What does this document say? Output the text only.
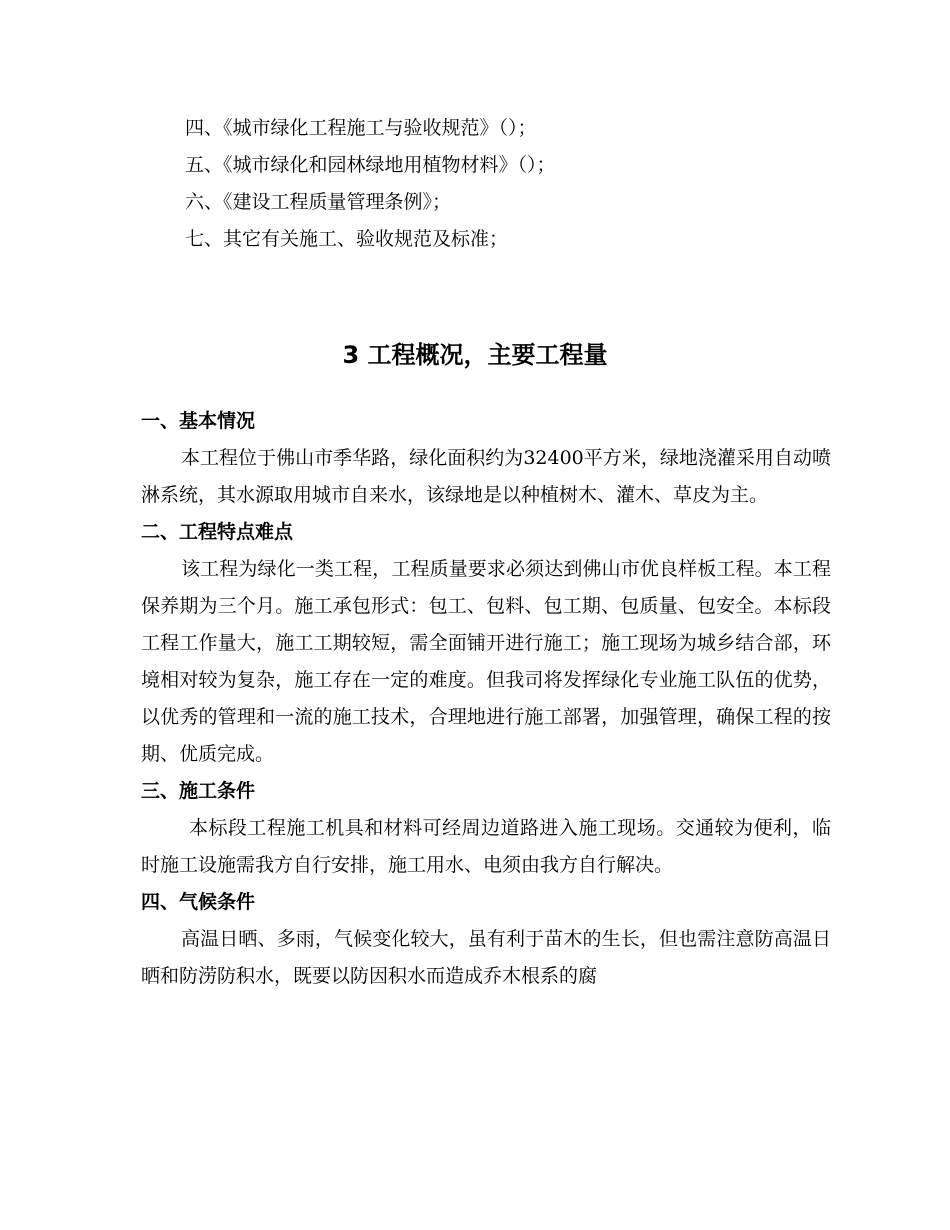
四、《城市绿化工程施工与验收规范》（）；
五、《城市绿化和园林绿地用植物材料》（）；
六、《建设工程质量管理条例》；
七、其它有关施工、验收规范及标准；
3 工程概况，主要工程量
一、基本情况

本工程位于佛山市季华路，绿化面积约为32400平方米，绿地浇灌采用自动喷淋系统，其水源取用城市自来水，该绿地是以种植树木、灌木、草皮为主。

二、工程特点难点

该工程为绿化一类工程，工程质量要求必须达到佛山市优良样板工程。本工程保养期为三个月。施工承包形式：包工、包料、包工期、包质量、包安全。本标段工程工作量大，施工工期较短，需全面铺开进行施工；施工现场为城乡结合部，环境相对较为复杂，施工存在一定的难度。但我司将发挥绿化专业施工队伍的优势，以优秀的管理和一流的施工技术，合理地进行施工部署，加强管理，确保工程的按期、优质完成。

三、施工条件

本标段工程施工机具和材料可经周边道路进入施工现场。交通较为便利，临时施工设施需我方自行安排，施工用水、电须由我方自行解决。

四、气候条件

高温日晒、多雨，气候变化较大，虽有利于苗木的生长，但也需注意防高温日晒和防涝防积水，既要以防因积水而造成乔木根系的腐
